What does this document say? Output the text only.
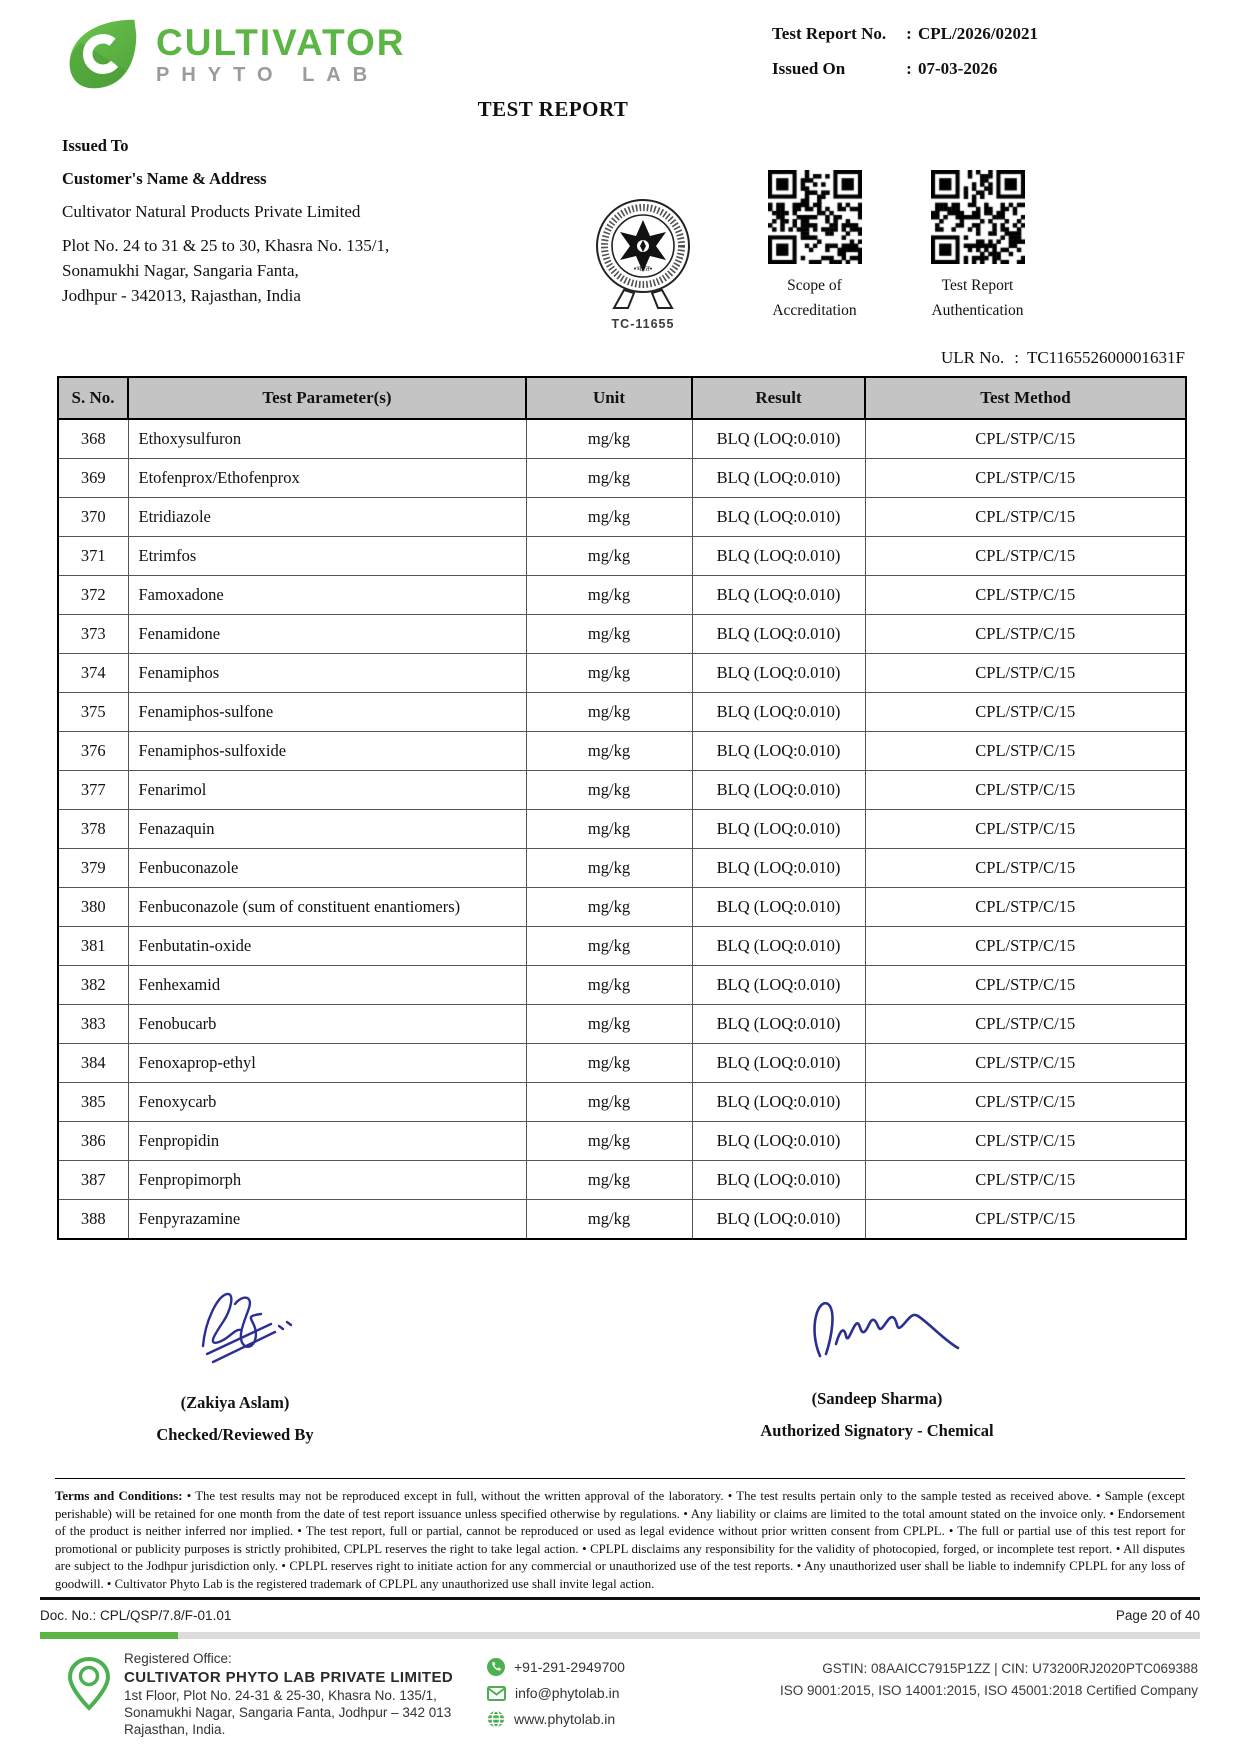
CULTIVATOR
PHYTO LAB
Test Report No.	: CPL/2026/02021
Issued On	: 07-03-2026
TEST REPORT
Issued To
Customer's Name & Address
Cultivator Natural Products Private Limited
Plot No. 24 to 31 & 25 to 30, Khasra No. 135/1,
Sonamukhi Nagar, Sangaria Fanta,
Jodhpur - 342013, Rajasthan, India
•भारत•
TC-11655
Scope of
Accreditation
Test Report
Authentication
ULR No. : TC116552600001631F
S. No.	Test Parameter(s)	Unit	Result	Test Method
368	Ethoxysulfuron	mg/kg	BLQ (LOQ:0.010)	CPL/STP/C/15
369	Etofenprox/Ethofenprox	mg/kg	BLQ (LOQ:0.010)	CPL/STP/C/15
370	Etridiazole	mg/kg	BLQ (LOQ:0.010)	CPL/STP/C/15
371	Etrimfos	mg/kg	BLQ (LOQ:0.010)	CPL/STP/C/15
372	Famoxadone	mg/kg	BLQ (LOQ:0.010)	CPL/STP/C/15
373	Fenamidone	mg/kg	BLQ (LOQ:0.010)	CPL/STP/C/15
374	Fenamiphos	mg/kg	BLQ (LOQ:0.010)	CPL/STP/C/15
375	Fenamiphos-sulfone	mg/kg	BLQ (LOQ:0.010)	CPL/STP/C/15
376	Fenamiphos-sulfoxide	mg/kg	BLQ (LOQ:0.010)	CPL/STP/C/15
377	Fenarimol	mg/kg	BLQ (LOQ:0.010)	CPL/STP/C/15
378	Fenazaquin	mg/kg	BLQ (LOQ:0.010)	CPL/STP/C/15
379	Fenbuconazole	mg/kg	BLQ (LOQ:0.010)	CPL/STP/C/15
380	Fenbuconazole (sum of constituent enantiomers)	mg/kg	BLQ (LOQ:0.010)	CPL/STP/C/15
381	Fenbutatin-oxide	mg/kg	BLQ (LOQ:0.010)	CPL/STP/C/15
382	Fenhexamid	mg/kg	BLQ (LOQ:0.010)	CPL/STP/C/15
383	Fenobucarb	mg/kg	BLQ (LOQ:0.010)	CPL/STP/C/15
384	Fenoxaprop-ethyl	mg/kg	BLQ (LOQ:0.010)	CPL/STP/C/15
385	Fenoxycarb	mg/kg	BLQ (LOQ:0.010)	CPL/STP/C/15
386	Fenpropidin	mg/kg	BLQ (LOQ:0.010)	CPL/STP/C/15
387	Fenpropimorph	mg/kg	BLQ (LOQ:0.010)	CPL/STP/C/15
388	Fenpyrazamine	mg/kg	BLQ (LOQ:0.010)	CPL/STP/C/15
(Zakiya Aslam)
Checked/Reviewed By
(Sandeep Sharma)
Authorized Signatory - Chemical
Terms and Conditions: • The test results may not be reproduced except in full, without the written approval of the laboratory. • The test results pertain only to the sample tested as received above. • Sample (except perishable) will be retained for one month from the date of test report issuance unless specified otherwise by regulations. • Any liability or claims are limited to the total amount stated on the invoice only. • Endorsement of the product is neither inferred nor implied. • The test report, full or partial, cannot be reproduced or used as legal evidence without prior written consent from CPLPL. • The full or partial use of this test report for promotional or publicity purposes is strictly prohibited, CPLPL reserves the right to take legal action. • CPLPL disclaims any responsibility for the validity of photocopied, forged, or incomplete test report. • All disputes are subject to the Jodhpur jurisdiction only. • CPLPL reserves right to initiate action for any commercial or unauthorized use of the test reports. • Any unauthorized user shall be liable to indemnify CPLPL for any loss of goodwill. • Cultivator Phyto Lab is the registered trademark of CPLPL any unauthorized use shall invite legal action.
Doc. No.: CPL/QSP/7.8/F-01.01	Page 20 of 40
Registered Office:
CULTIVATOR PHYTO LAB PRIVATE LIMITED
1st Floor, Plot No. 24-31 & 25-30, Khasra No. 135/1,
Sonamukhi Nagar, Sangaria Fanta, Jodhpur – 342 013
Rajasthan, India.
+91-291-2949700
info@phytolab.in
www.phytolab.in
GSTIN: 08AAICC7915P1ZZ | CIN: U73200RJ2020PTC069388
ISO 9001:2015, ISO 14001:2015, ISO 45001:2018 Certified Company
